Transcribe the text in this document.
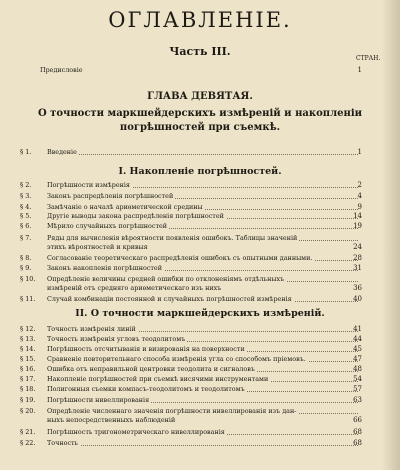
ОГЛАВЛЕНІЕ.
Часть III.
СТРАН.
Предисловіе	1
ГЛАВА ДЕВЯТАЯ.
О точности маркшейдерскихъ измѣреній и накопленіи погрѣшностей при съемкѣ.
§ 1. Введеніе	1
I. Накопленіе погрѣшностей.
§ 2. Погрѣшности измѣренія	2
§ 3. Законъ распредѣленія погрѣшностей	4
§ 4. Замѣчаніе о началѣ ариѳметической средины	9
§ 5. Другіе выводы закона распредѣленія погрѣшностей	14
§ 6. Мѣрило случайныхъ погрѣшностей	19
§ 7. Ряды для вычисленія вѣроятности появленія ошибокъ. Таблицы значеній
этихъ вѣроятностей и кривыя	24
§ 8. Согласованіе теоретическаго распредѣленія ошибокъ съ опытными данными.	28
§ 9. Законъ накопленія погрѣшностей	31
§ 10. Опредѣленіе величины средней ошибки по отклоненіямъ отдѣльныхъ
измѣреній отъ средняго ариѳметическаго изъ нихъ	36
§ 11. Случай комбинаціи постоянной и случайныхъ погрѣшностей измѣренія	40
II. О точности маркшейдерскихъ измѣреній.
§ 12. Точность измѣренія линій	41
§ 13. Точность измѣренія угловъ теодолитомъ	44
§ 14. Погрѣшность отсчитыванія и визированія на поверхности	45
§ 15. Сравненіе повторительнаго способа измѣренія угла со способомъ пріемовъ.	47
§ 16. Ошибка отъ неправильной центровки теодолита и сигналовъ	48
§ 17. Накопленіе погрѣшностей при съемкѣ висячими инструментами	54
§ 18. Полигонныя съемки компасъ-теодолитомъ и теодолитомъ	57
§ 19. Погрѣшности нивеллированія	63
§ 20. Опредѣленіе численнаго значенія погрѣшности нивеллированія изъ дан-
ныхъ непосредственныхъ наблюденій	66
§ 21. Погрѣшность тригонометрическаго нивеллированія	68
§ 22. Точность	68
